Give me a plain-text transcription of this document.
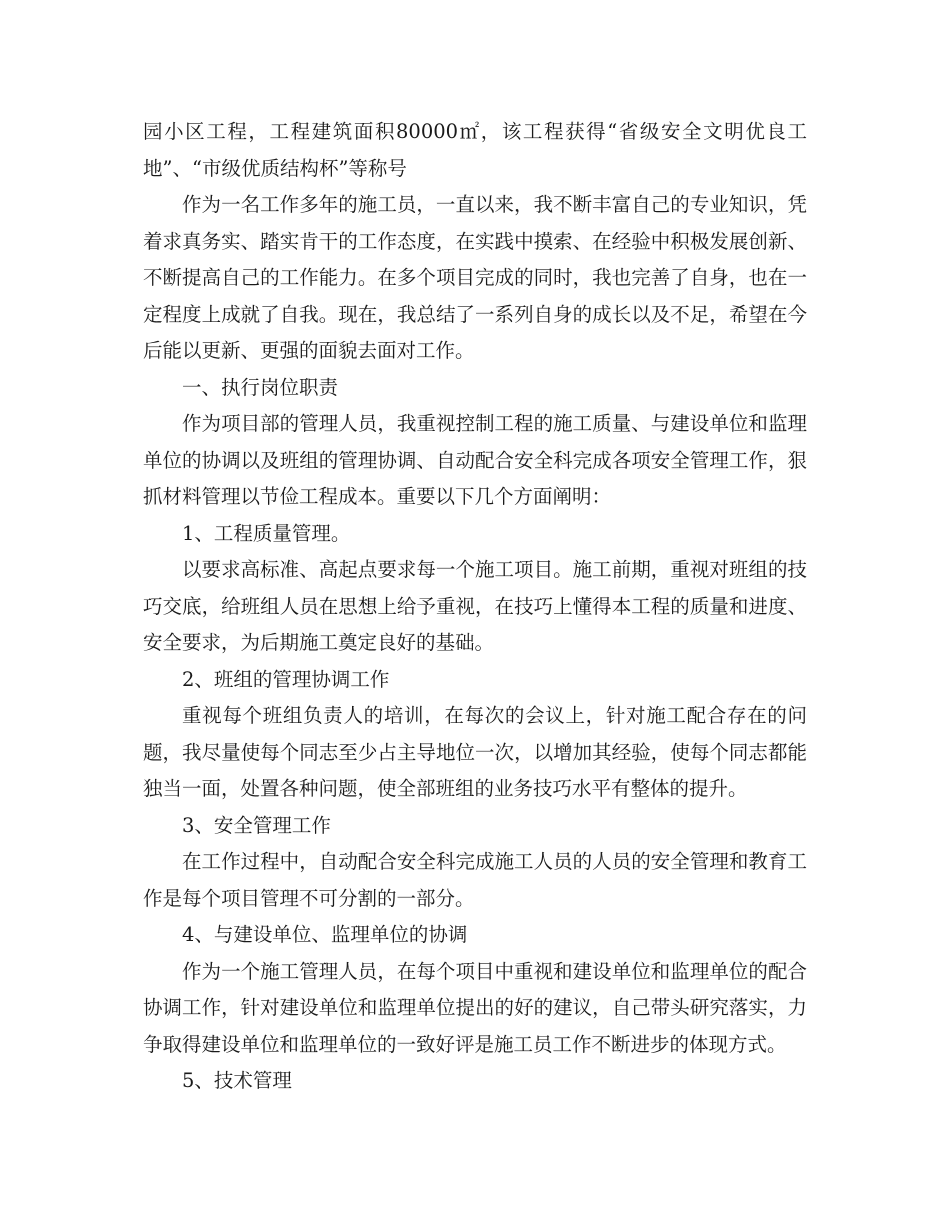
园小区工程，工程建筑面积80000㎡，该工程获得“省级安全文明优良工地”、“市级优质结构杯”等称号

作为一名工作多年的施工员，一直以来，我不断丰富自己的专业知识，凭着求真务实、踏实肯干的工作态度，在实践中摸索、在经验中积极发展创新、不断提高自己的工作能力。在多个项目完成的同时，我也完善了自身，也在一定程度上成就了自我。现在，我总结了一系列自身的成长以及不足，希望在今后能以更新、更强的面貌去面对工作。

一、执行岗位职责

作为项目部的管理人员，我重视控制工程的施工质量、与建设单位和监理单位的协调以及班组的管理协调、自动配合安全科完成各项安全管理工作，狠抓材料管理以节俭工程成本。重要以下几个方面阐明：

1、工程质量管理。

以要求高标准、高起点要求每一个施工项目。施工前期，重视对班组的技巧交底，给班组人员在思想上给予重视，在技巧上懂得本工程的质量和进度、安全要求，为后期施工奠定良好的基础。

2、班组的管理协调工作

重视每个班组负责人的培训，在每次的会议上，针对施工配合存在的问题，我尽量使每个同志至少占主导地位一次，以增加其经验，使每个同志都能独当一面，处置各种问题，使全部班组的业务技巧水平有整体的提升。

3、安全管理工作

在工作过程中，自动配合安全科完成施工人员的人员的安全管理和教育工作是每个项目管理不可分割的一部分。

4、与建设单位、监理单位的协调

作为一个施工管理人员，在每个项目中重视和建设单位和监理单位的配合协调工作，针对建设单位和监理单位提出的好的建议，自己带头研究落实，力争取得建设单位和监理单位的一致好评是施工员工作不断进步的体现方式。

5、技术管理
